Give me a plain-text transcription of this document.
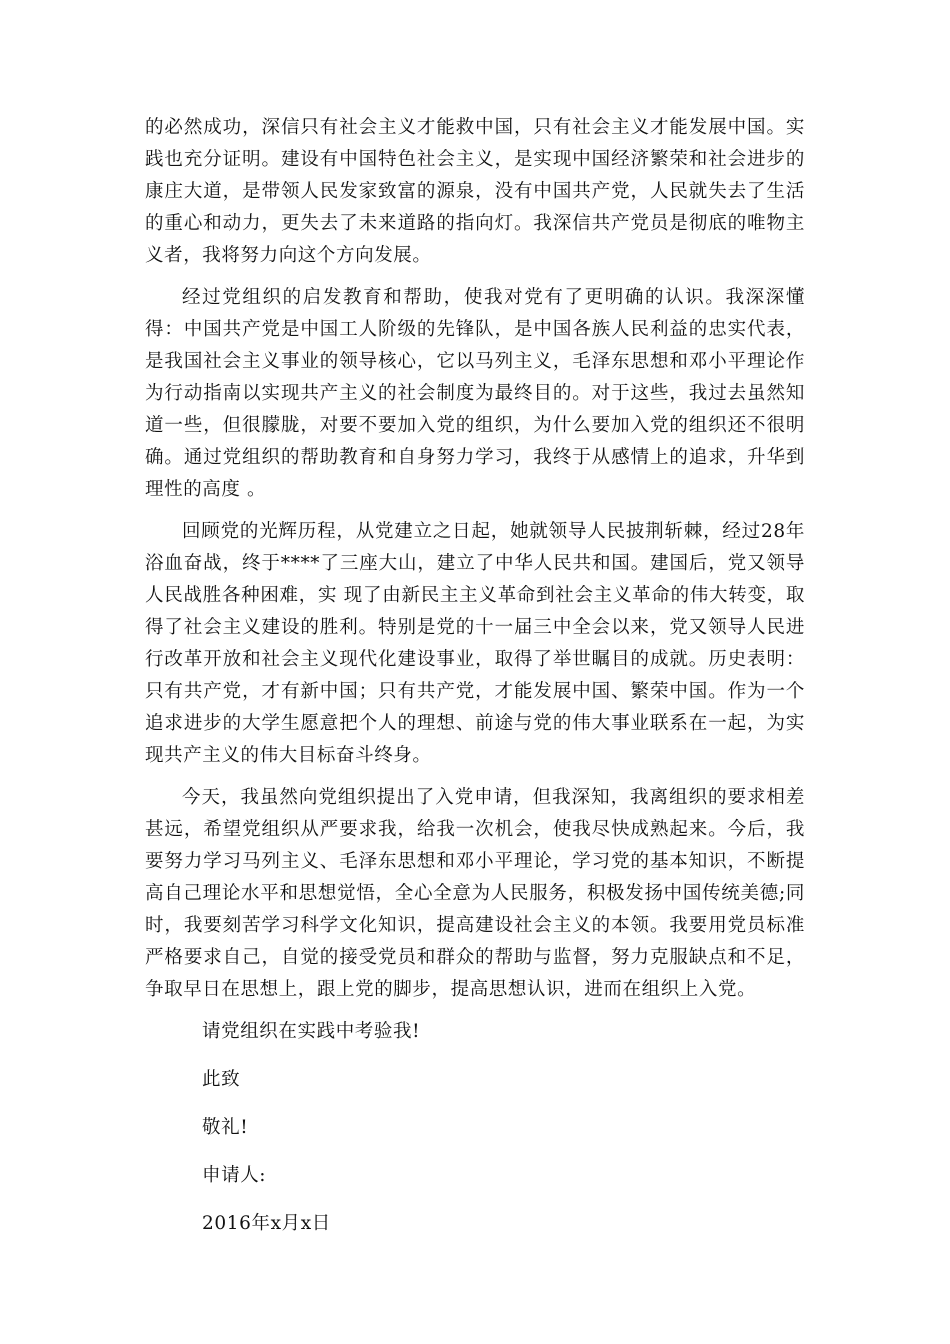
的必然成功，深信只有社会主义才能救中国，只有社会主义才能发展中国。实践也充分证明。建设有中国特色社会主义，是实现中国经济繁荣和社会进步的康庄大道，是带领人民发家致富的源泉，没有中国共产党，人民就失去了生活的重心和动力，更失去了未来道路的指向灯。我深信共产党员是彻底的唯物主义者，我将努力向这个方向发展。

经过党组织的启发教育和帮助，使我对党有了更明确的认识。我深深懂得：中国共产党是中国工人阶级的先锋队，是中国各族人民利益的忠实代表，是我国社会主义事业的领导核心，它以马列主义，毛泽东思想和邓小平理论作为行动指南以实现共产主义的社会制度为最终目的。对于这些，我过去虽然知道一些，但很朦胧，对要不要加入党的组织，为什么要加入党的组织还不很明确。通过党组织的帮助教育和自身努力学习，我终于从感情上的追求，升华到理性的高度 。

回顾党的光辉历程，从党建立之日起，她就领导人民披荆斩棘，经过28年浴血奋战，终于****了三座大山，建立了中华人民共和国。建国后，党又领导人民战胜各种困难，实 现了由新民主主义革命到社会主义革命的伟大转变，取得了社会主义建设的胜利。特别是党的十一届三中全会以来，党又领导人民进行改革开放和社会主义现代化建设事业，取得了举世瞩目的成就。历史表明：只有共产党，才有新中国；只有共产党，才能发展中国、繁荣中国。作为一个追求进步的大学生愿意把个人的理想、前途与党的伟大事业联系在一起，为实现共产主义的伟大目标奋斗终身。

今天，我虽然向党组织提出了入党申请，但我深知，我离组织的要求相差甚远，希望党组织从严要求我，给我一次机会，使我尽快成熟起来。今后，我要努力学习马列主义、毛泽东思想和邓小平理论，学习党的基本知识，不断提高自己理论水平和思想觉悟，全心全意为人民服务，积极发扬中国传统美德;同时，我要刻苦学习科学文化知识，提高建设社会主义的本领。我要用党员标准严格要求自己，自觉的接受党员和群众的帮助与监督，努力克服缺点和不足，争取早日在思想上，跟上党的脚步，提高思想认识，进而在组织上入党。

请党组织在实践中考验我!

此致

敬礼!

申请人:

2016年x月x日
